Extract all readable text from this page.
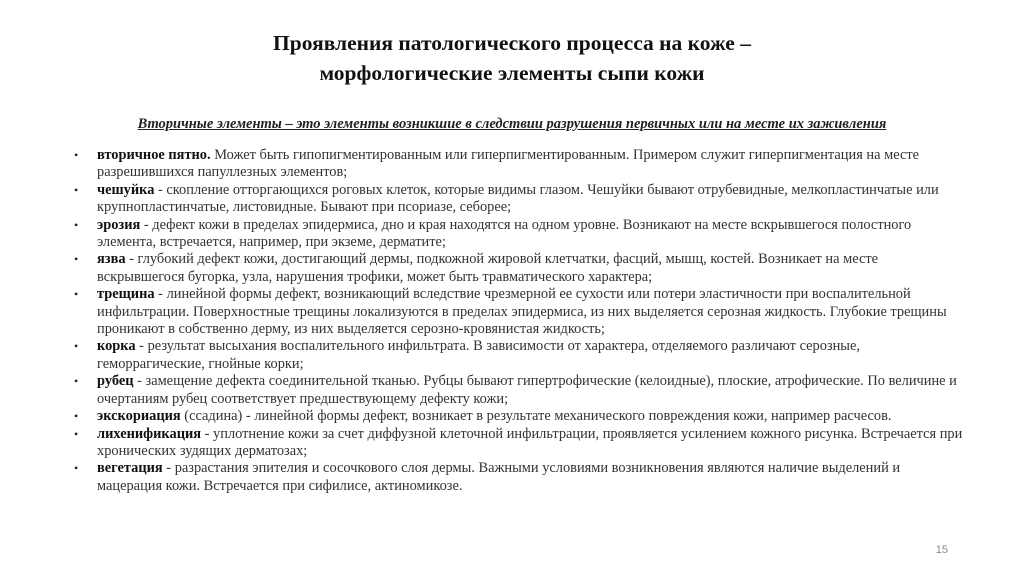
Проявления патологического процесса на коже –
морфологические элементы сыпи кожи
Вторичные элементы – это элементы возникшие в следствии разрушения первичных или на месте их заживления
• вторичное пятно. Может быть гипопигментированным или гиперпигментированным. Примером служит гиперпигментация на месте разрешившихся папуллезных элементов;
• чешуйка - скопление отторгающихся роговых клеток, которые видимы глазом. Чешуйки бывают отрубевидные, мелкопластинчатые или крупнопластинчатые, листовидные. Бывают при псориазе, себорее;
• эрозия - дефект кожи в пределах эпидермиса, дно и края находятся на одном уровне. Возникают на месте вскрывшегося полостного элемента, встречается, например, при экземе, дерматите;
• язва - глубокий дефект кожи, достигающий дермы, подкожной жировой клетчатки, фасций, мышц, костей. Возникает на месте вскрывшегося бугорка, узла, нарушения трофики, может быть травматического характера;
• трещина - линейной формы дефект, возникающий вследствие чрезмерной ее сухости или потери эластичности при воспалительной инфильтрации. Поверхностные трещины локализуются в пределах эпидермиса, из них выделяется серозная жидкость. Глубокие трещины проникают в собственно дерму, из них выделяется серозно-кровянистая жидкость;
• корка - результат высыхания воспалительного инфильтрата. В зависимости от характера, отделяемого различают серозные, геморрагические, гнойные корки;
• рубец - замещение дефекта соединительной тканью. Рубцы бывают гипертрофические (келоидные), плоские, атрофические. По величине и очертаниям рубец соответствует предшествующему дефекту кожи;
• экскориация (ссадина) - линейной формы дефект, возникает в результате механического повреждения кожи, например расчесов.
• лихенификация - уплотнение кожи за счет диффузной клеточной инфильтрации, проявляется усилением кожного рисунка. Встречается при хронических зудящих дерматозах;
• вегетация - разрастания эпителия и сосочкового слоя дермы. Важными условиями возникновения являются наличие выделений и мацерация кожи. Встречается при сифилисе, актиномикозе.
15
